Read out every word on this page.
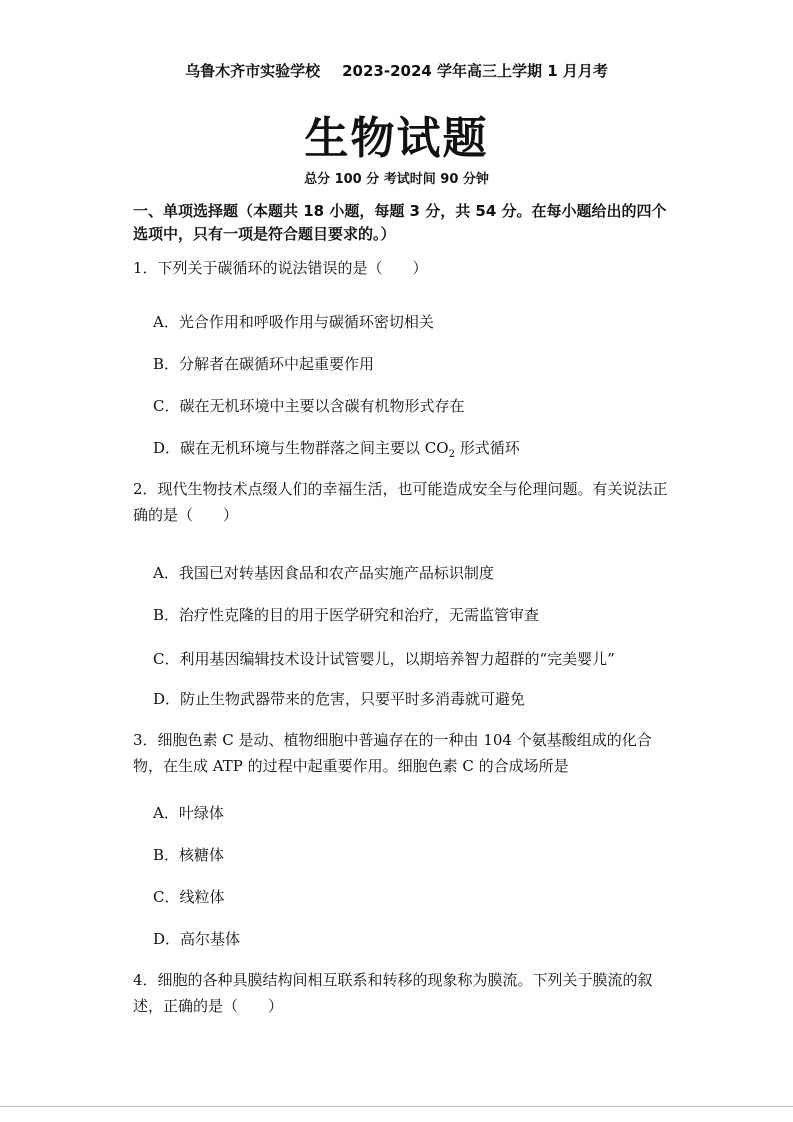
乌鲁木齐市实验学校 2023-2024 学年高三上学期 1 月月考
生物试题
总分 100 分 考试时间 90 分钟
一、单项选择题（本题共 18 小题，每题 3 分，共 54 分。在每小题给出的四个选项中，只有一项是符合题目要求的。）
1．下列关于碳循环的说法错误的是（　　）
A．光合作用和呼吸作用与碳循环密切相关
B．分解者在碳循环中起重要作用
C．碳在无机环境中主要以含碳有机物形式存在
D．碳在无机环境与生物群落之间主要以 $CO_2$ 形式循环
2．现代生物技术点缀人们的幸福生活，也可能造成安全与伦理问题。有关说法正确的是（　　）
A．我国已对转基因食品和农产品实施产品标识制度
B．治疗性克隆的目的用于医学研究和治疗，无需监管审查
C．利用基因编辑技术设计试管婴儿，以期培养智力超群的“完美婴儿”
D．防止生物武器带来的危害，只要平时多消毒就可避免
3．细胞色素 C 是动、植物细胞中普遍存在的一种由 104 个氨基酸组成的化合物，在生成 ATP 的过程中起重要作用。细胞色素 C 的合成场所是
A．叶绿体
B．核糖体
C．线粒体
D．高尔基体
4．细胞的各种具膜结构间相互联系和转移的现象称为膜流。下列关于膜流的叙述，正确的是（　　）
